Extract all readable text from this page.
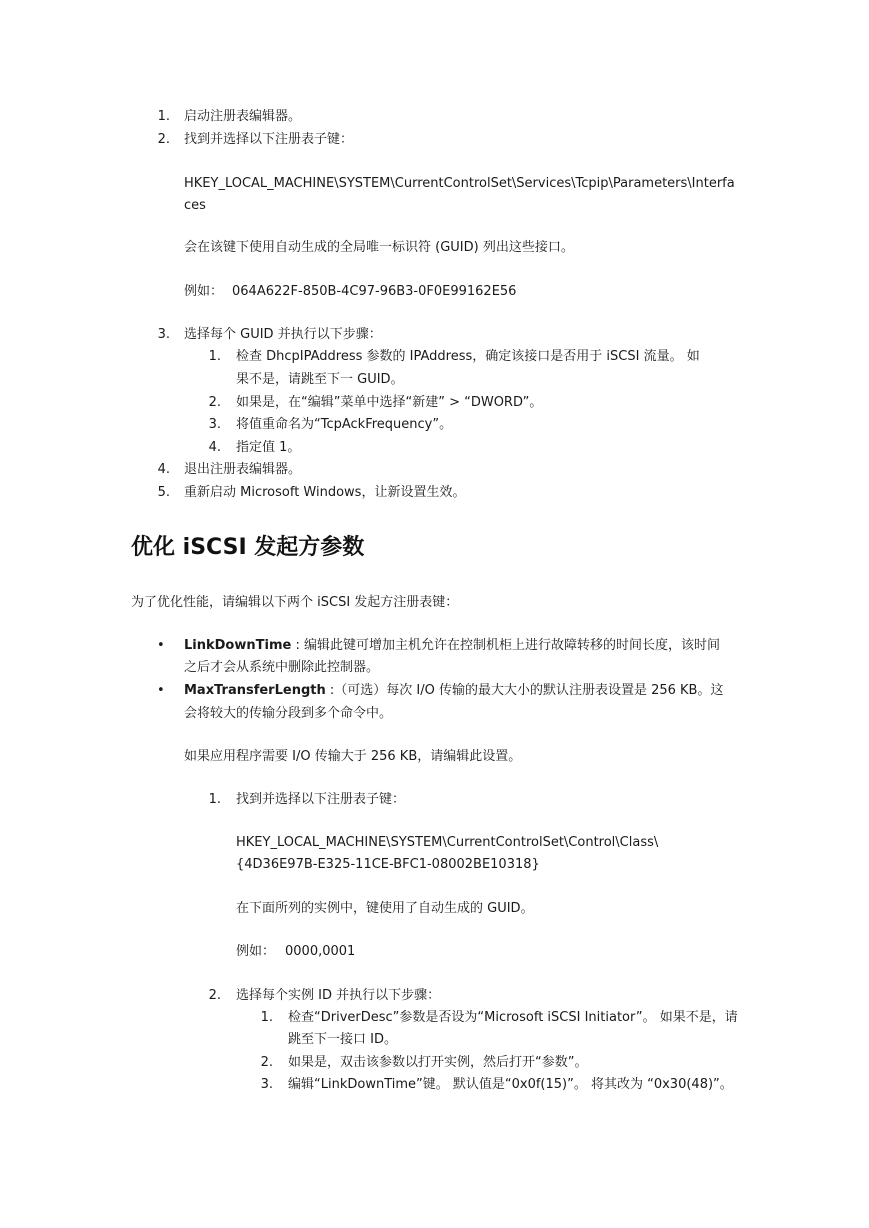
1. 启动注册表编辑器。
2. 找到并选择以下注册表子键：
HKEY_LOCAL_MACHINE\SYSTEM\CurrentControlSet\Services\Tcpip\Parameters\Interfa
ces
会在该键下使用自动生成的全局唯一标识符 (GUID) 列出这些接口。
例如： 064A622F-850B-4C97-96B3-0F0E99162E56
3. 选择每个 GUID 并执行以下步骤：
1. 检查 DhcpIPAddress 参数的 IPAddress，确定该接口是否用于 iSCSI 流量。 如
果不是，请跳至下一 GUID。
2. 如果是，在“编辑”菜单中选择“新建” > “DWORD”。
3. 将值重命名为“TcpAckFrequency”。
4. 指定值 1。
4. 退出注册表编辑器。
5. 重新启动 Microsoft Windows，让新设置生效。
优化 iSCSI 发起方参数
为了优化性能，请编辑以下两个 iSCSI 发起方注册表键：
• LinkDownTime : 编辑此键可增加主机允许在控制机柜上进行故障转移的时间长度，该时间
之后才会从系统中删除此控制器。
• MaxTransferLength :（可选）每次 I/O 传输的最大大小的默认注册表设置是 256 KB。这
会将较大的传输分段到多个命令中。
如果应用程序需要 I/O 传输大于 256 KB，请编辑此设置。
1. 找到并选择以下注册表子键：
HKEY_LOCAL_MACHINE\SYSTEM\CurrentControlSet\Control\Class\
{4D36E97B-E325-11CE-BFC1-08002BE10318}
在下面所列的实例中，键使用了自动生成的 GUID。
例如： 0000,0001
2. 选择每个实例 ID 并执行以下步骤：
1. 检查“DriverDesc”参数是否设为“Microsoft iSCSI Initiator”。 如果不是，请
跳至下一接口 ID。
2. 如果是，双击该参数以打开实例，然后打开“参数”。
3. 编辑“LinkDownTime”键。 默认值是“0x0f(15)”。 将其改为 “0x30(48)”。
